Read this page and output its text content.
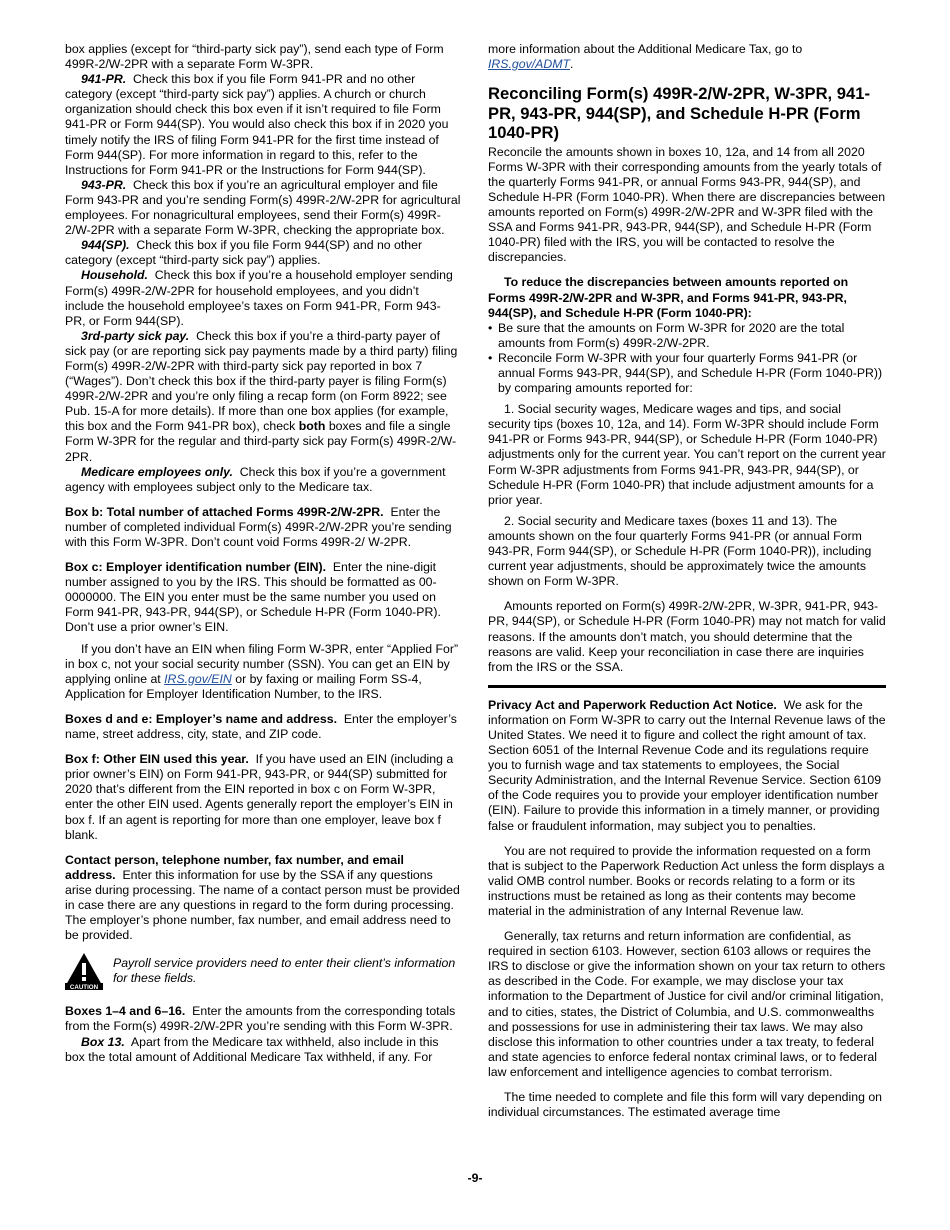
box applies (except for “third-party sick pay”), send each type of Form 499R-2/W-2PR with a separate Form W-3PR.

941-PR. Check this box if you file Form 941-PR and no other category (except “third-party sick pay”) applies. A church or church organization should check this box even if it isn’t required to file Form 941-PR or Form 944(SP). You would also check this box if in 2020 you timely notify the IRS of filing Form 941-PR for the first time instead of Form 944(SP). For more information in regard to this, refer to the Instructions for Form 941-PR or the Instructions for Form 944(SP).

943-PR. Check this box if you’re an agricultural employer and file Form 943-PR and you’re sending Form(s) 499R-2/W-2PR for agricultural employees. For nonagricultural employees, send their Form(s) 499R-2/W-2PR with a separate Form W-3PR, checking the appropriate box.

944(SP). Check this box if you file Form 944(SP) and no other category (except “third-party sick pay”) applies.

Household. Check this box if you’re a household employer sending Form(s) 499R-2/W-2PR for household employees, and you didn’t include the household employee’s taxes on Form 941-PR, Form 943-PR, or Form 944(SP).

3rd-party sick pay. Check this box if you’re a third-party payer of sick pay (or are reporting sick pay payments made by a third party) filing Form(s) 499R-2/W-2PR with third-party sick pay reported in box 7 (“Wages”). Don’t check this box if the third-party payer is filing Form(s) 499R-2/W-2PR and you’re only filing a recap form (on Form 8922; see Pub. 15-A for more details). If more than one box applies (for example, this box and the Form 941-PR box), check both boxes and file a single Form W-3PR for the regular and third-party sick pay Form(s) 499R-2/W-2PR.

Medicare employees only. Check this box if you’re a government agency with employees subject only to the Medicare tax.

Box b: Total number of attached Forms 499R-2/W-2PR. Enter the number of completed individual Form(s) 499R-2/W-2PR you’re sending with this Form W-3PR. Don’t count void Forms 499R-2/ W-2PR.

Box c: Employer identification number (EIN). Enter the nine-digit number assigned to you by the IRS. This should be formatted as 00-0000000. The EIN you enter must be the same number you used on Form 941-PR, 943-PR, 944(SP), or Schedule H-PR (Form 1040-PR). Don’t use a prior owner’s EIN.

If you don’t have an EIN when filing Form W-3PR, enter “Applied For” in box c, not your social security number (SSN). You can get an EIN by applying online at IRS.gov/EIN or by faxing or mailing Form SS-4, Application for Employer Identification Number, to the IRS.

Boxes d and e: Employer’s name and address. Enter the employer’s name, street address, city, state, and ZIP code.

Box f: Other EIN used this year. If you have used an EIN (including a prior owner’s EIN) on Form 941-PR, 943-PR, or 944(SP) submitted for 2020 that’s different from the EIN reported in box c on Form W-3PR, enter the other EIN used. Agents generally report the employer’s EIN in box f. If an agent is reporting for more than one employer, leave box f blank.

Contact person, telephone number, fax number, and email address. Enter this information for use by the SSA if any questions arise during processing. The name of a contact person must be provided in case there are any questions in regard to the form during processing. The employer’s phone number, fax number, and email address need to be provided.

CAUTION
Payroll service providers need to enter their client’s information for these fields.

Boxes 1–4 and 6–16. Enter the amounts from the corresponding totals from the Form(s) 499R-2/W-2PR you’re sending with this Form W-3PR.

Box 13. Apart from the Medicare tax withheld, also include in this box the total amount of Additional Medicare Tax withheld, if any. For

more information about the Additional Medicare Tax, go to IRS.gov/ADMT.

Reconciling Form(s) 499R-2/W-2PR, W-3PR, 941-PR, 943-PR, 944(SP), and Schedule H-PR (Form 1040-PR)

Reconcile the amounts shown in boxes 10, 12a, and 14 from all 2020 Forms W-3PR with their corresponding amounts from the yearly totals of the quarterly Forms 941-PR, or annual Forms 943-PR, 944(SP), and Schedule H-PR (Form 1040-PR). When there are discrepancies between amounts reported on Form(s) 499R-2/W-2PR and W-3PR filed with the SSA and Forms 941-PR, 943-PR, 944(SP), and Schedule H-PR (Form 1040-PR) filed with the IRS, you will be contacted to resolve the discrepancies.

To reduce the discrepancies between amounts reported on Forms 499R-2/W-2PR and W-3PR, and Forms 941-PR, 943-PR, 944(SP), and Schedule H-PR (Form 1040-PR):

• Be sure that the amounts on Form W-3PR for 2020 are the total amounts from Form(s) 499R-2/W-2PR.
• Reconcile Form W-3PR with your four quarterly Forms 941-PR (or annual Forms 943-PR, 944(SP), and Schedule H-PR (Form 1040-PR)) by comparing amounts reported for:

1. Social security wages, Medicare wages and tips, and social security tips (boxes 10, 12a, and 14). Form W-3PR should include Form 941-PR or Forms 943-PR, 944(SP), or Schedule H-PR (Form 1040-PR) adjustments only for the current year. You can’t report on the current year Form W-3PR adjustments from Forms 941-PR, 943-PR, 944(SP), or Schedule H-PR (Form 1040-PR) that include adjustment amounts for a prior year.

2. Social security and Medicare taxes (boxes 11 and 13). The amounts shown on the four quarterly Forms 941-PR (or annual Form 943-PR, Form 944(SP), or Schedule H-PR (Form 1040-PR)), including current year adjustments, should be approximately twice the amounts shown on Form W-3PR.

Amounts reported on Form(s) 499R-2/W-2PR, W-3PR, 941-PR, 943-PR, 944(SP), or Schedule H-PR (Form 1040-PR) may not match for valid reasons. If the amounts don’t match, you should determine that the reasons are valid. Keep your reconciliation in case there are inquiries from the IRS or the SSA.

Privacy Act and Paperwork Reduction Act Notice. We ask for the information on Form W-3PR to carry out the Internal Revenue laws of the United States. We need it to figure and collect the right amount of tax. Section 6051 of the Internal Revenue Code and its regulations require you to furnish wage and tax statements to employees, the Social Security Administration, and the Internal Revenue Service. Section 6109 of the Code requires you to provide your employer identification number (EIN). Failure to provide this information in a timely manner, or providing false or fraudulent information, may subject you to penalties.

You are not required to provide the information requested on a form that is subject to the Paperwork Reduction Act unless the form displays a valid OMB control number. Books or records relating to a form or its instructions must be retained as long as their contents may become material in the administration of any Internal Revenue law.

Generally, tax returns and return information are confidential, as required in section 6103. However, section 6103 allows or requires the IRS to disclose or give the information shown on your tax return to others as described in the Code. For example, we may disclose your tax information to the Department of Justice for civil and/or criminal litigation, and to cities, states, the District of Columbia, and U.S. commonwealths and possessions for use in administering their tax laws. We may also disclose this information to other countries under a tax treaty, to federal and state agencies to enforce federal nontax criminal laws, or to federal law enforcement and intelligence agencies to combat terrorism.

The time needed to complete and file this form will vary depending on individual circumstances. The estimated average time

-9-
